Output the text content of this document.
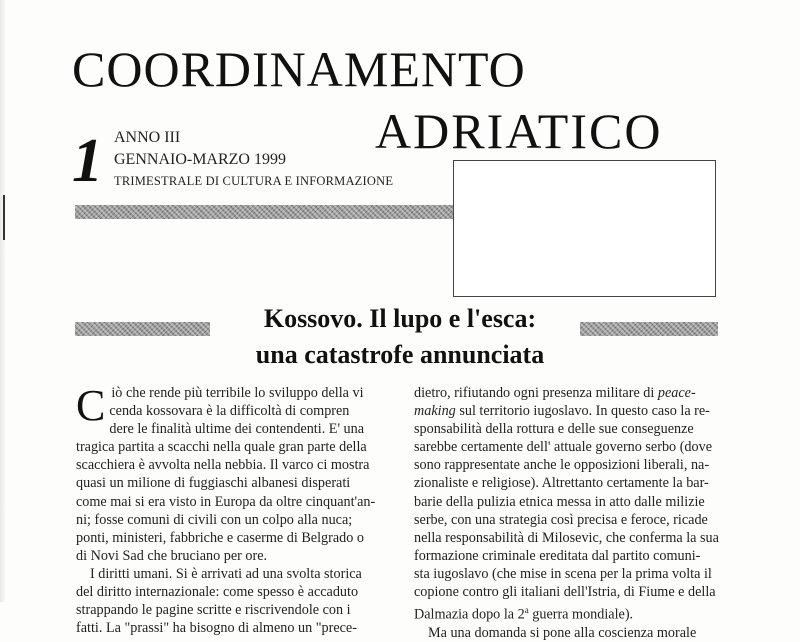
COORDINAMENTO
ADRIATICO
1 ANNO III
GENNAIO-MARZO 1999
TRIMESTRALE DI CULTURA E INFORMAZIONE
Kossovo. Il lupo e l'esca:
una catastrofe annunciata

Ciò che rende più terribile lo sviluppo della vi

cenda kossovara è la difficoltà di compren

dere le finalità ultime dei contendenti. E' una

tragica partita a scacchi nella quale gran parte della

scacchiera è avvolta nella nebbia. Il varco ci mostra

quasi un milione di fuggiaschi albanesi disperati

come mai si era visto in Europa da oltre cinquant'an-

ni; fosse comuni di civili con un colpo alla nuca;

ponti, ministeri, fabbriche e caserme di Belgrado o

di Novi Sad che bruciano per ore.

I diritti umani. Si è arrivati ad una svolta storica

del diritto internazionale: come spesso è accaduto

strappando le pagine scritte e riscrivendole con i

fatti. La "prassi" ha bisogno di almeno un "prece-

dietro, rifiutando ogni presenza militare di peace-

making sul territorio iugoslavo. In questo caso la re-

sponsabilità della rottura e delle sue conseguenze

sarebbe certamente dell' attuale governo serbo (dove

sono rappresentate anche le opposizioni liberali, na-

zionaliste e religiose). Altrettanto certamente la bar-

barie della pulizia etnica messa in atto dalle milizie

serbe, con una strategia così precisa e feroce, ricade

nella responsabilità di Milosevic, che conferma la sua

formazione criminale ereditata dal partito comuni-

sta iugoslavo (che mise in scena per la prima volta il

copione contro gli italiani dell'Istria, di Fiume e della

Dalmazia dopo la 2$^a$ guerra mondiale).

Ma una domanda si pone alla coscienza morale
